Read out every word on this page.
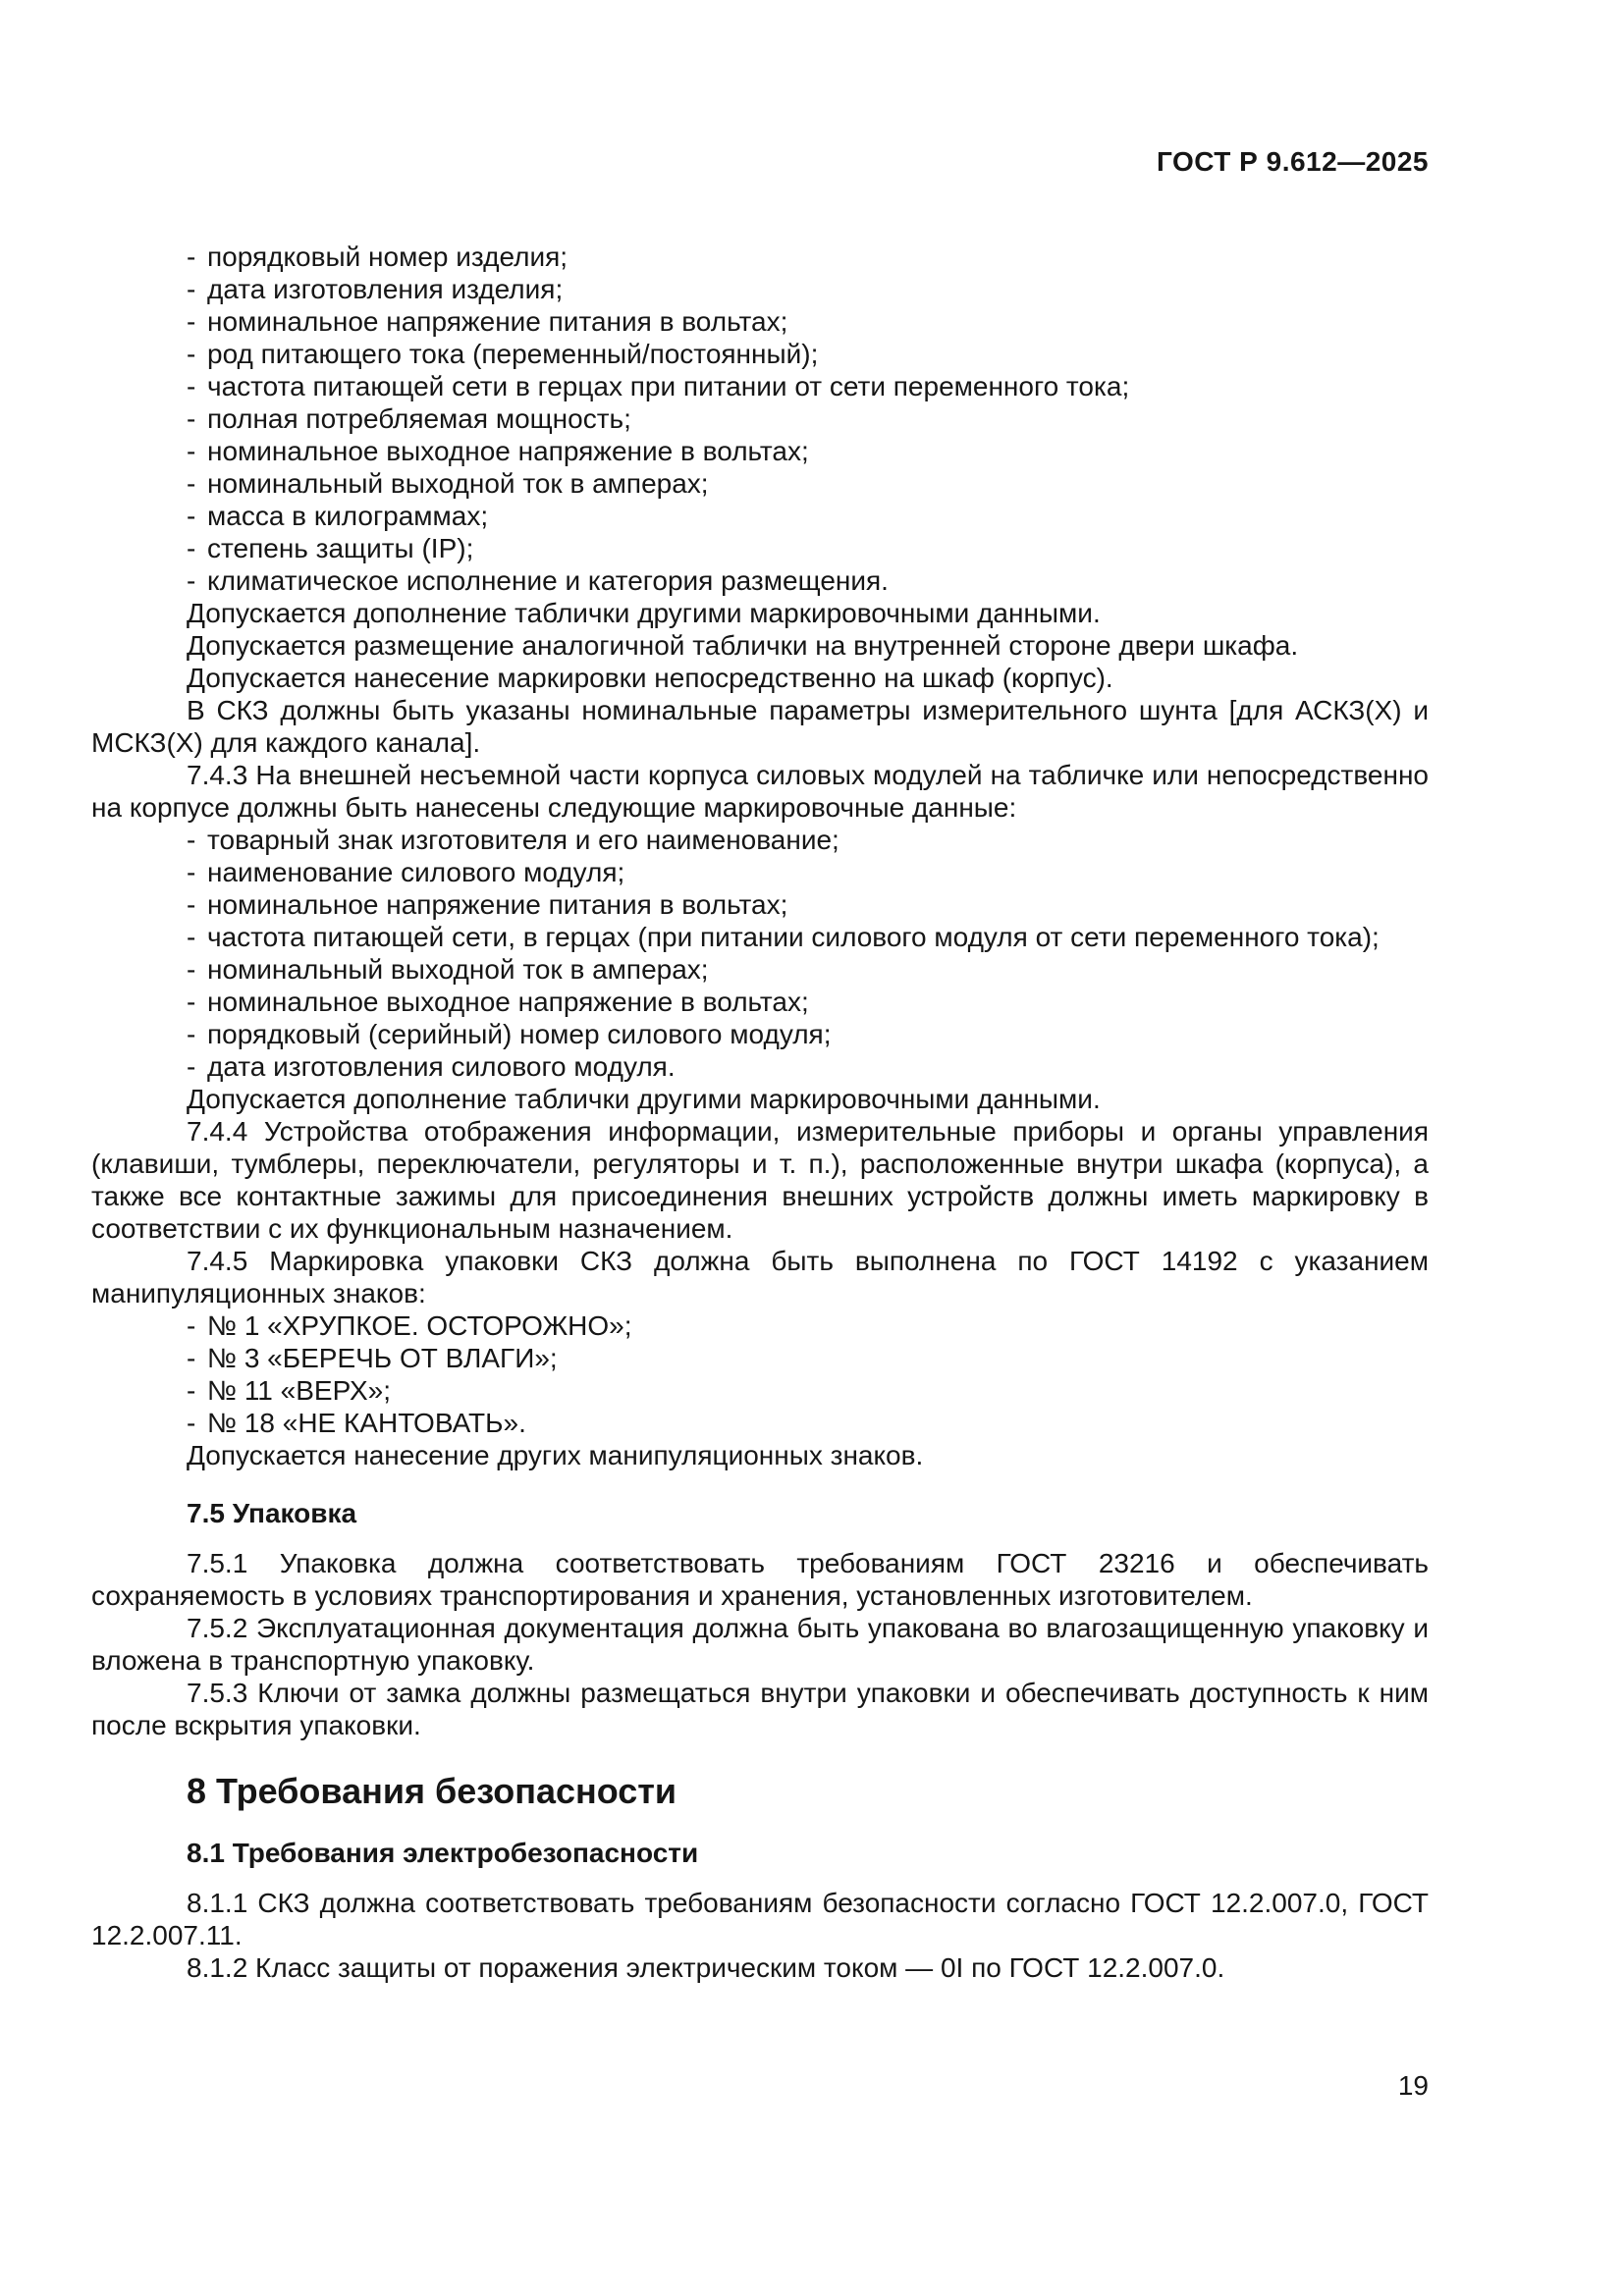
ГОСТ Р 9.612—2025
- порядковый номер изделия;
- дата изготовления изделия;
- номинальное напряжение питания в вольтах;
- род питающего тока (переменный/постоянный);
- частота питающей сети в герцах при питании от сети переменного тока;
- полная потребляемая мощность;
- номинальное выходное напряжение в вольтах;
- номинальный выходной ток в амперах;
- масса в килограммах;
- степень защиты (IP);
- климатическое исполнение и категория размещения.

Допускается дополнение таблички другими маркировочными данными.

Допускается размещение аналогичной таблички на внутренней стороне двери шкафа.

Допускается нанесение маркировки непосредственно на шкаф (корпус).

В СКЗ должны быть указаны номинальные параметры измерительного шунта [для АСКЗ(Х) и МСКЗ(Х) для каждого канала].

7.4.3 На внешней несъемной части корпуса силовых модулей на табличке или непосредственно на корпусе должны быть нанесены следующие маркировочные данные:

- товарный знак изготовителя и его наименование;
- наименование силового модуля;
- номинальное напряжение питания в вольтах;
- частота питающей сети, в герцах (при питании силового модуля от сети переменного тока);
- номинальный выходной ток в амперах;
- номинальное выходное напряжение в вольтах;
- порядковый (серийный) номер силового модуля;
- дата изготовления силового модуля.

Допускается дополнение таблички другими маркировочными данными.

7.4.4 Устройства отображения информации, измерительные приборы и органы управления (клавиши, тумблеры, переключатели, регуляторы и т. п.), расположенные внутри шкафа (корпуса), а также все контактные зажимы для присоединения внешних устройств должны иметь маркировку в соответствии с их функциональным назначением.

7.4.5 Маркировка упаковки СКЗ должна быть выполнена по ГОСТ 14192 с указанием манипуляционных знаков:

- № 1 «ХРУПКОЕ. ОСТОРОЖНО»;
- № 3 «БЕРЕЧЬ ОТ ВЛАГИ»;
- № 11 «ВЕРХ»;
- № 18 «НЕ КАНТОВАТЬ».

Допускается нанесение других манипуляционных знаков.

7.5 Упаковка

7.5.1 Упаковка должна соответствовать требованиям ГОСТ 23216 и обеспечивать сохраняемость в условиях транспортирования и хранения, установленных изготовителем.

7.5.2 Эксплуатационная документация должна быть упакована во влагозащищенную упаковку и вложена в транспортную упаковку.

7.5.3 Ключи от замка должны размещаться внутри упаковки и обеспечивать доступность к ним после вскрытия упаковки.

8 Требования безопасности
8.1 Требования электробезопасности

8.1.1 СКЗ должна соответствовать требованиям безопасности согласно ГОСТ 12.2.007.0, ГОСТ 12.2.007.11.

8.1.2 Класс защиты от поражения электрическим током — 0I по ГОСТ 12.2.007.0.

19
